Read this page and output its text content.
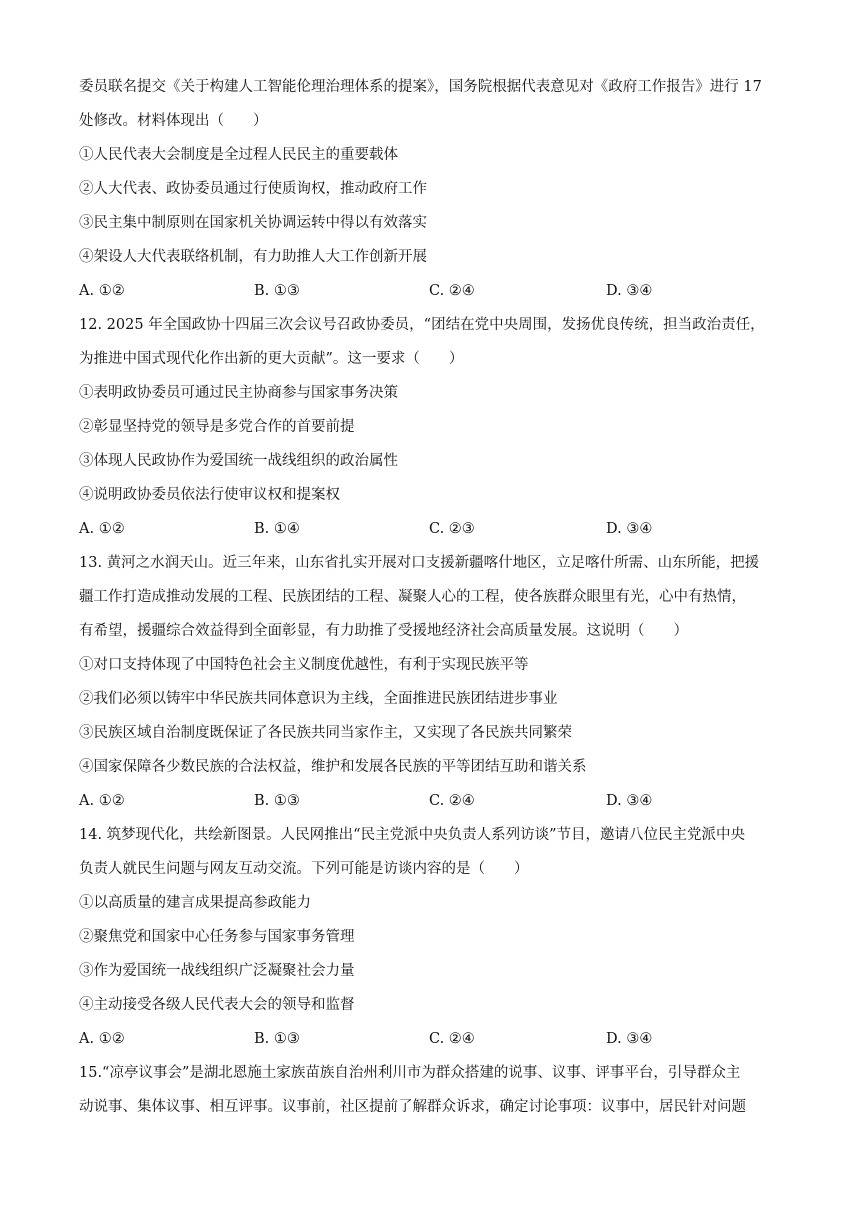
委员联名提交《关于构建人工智能伦理治理体系的提案》，国务院根据代表意见对《政府工作报告》进行 17
处修改。材料体现出（　　）
①人民代表大会制度是全过程人民民主的重要载体
②人大代表、政协委员通过行使质询权，推动政府工作
③民主集中制原则在国家机关协调运转中得以有效落实
④架设人大代表联络机制，有力助推人大工作创新开展
A. ①②	B. ①③	C. ②④	D. ③④
12. 2025 年全国政协十四届三次会议号召政协委员，“团结在党中央周围，发扬优良传统，担当政治责任，
为推进中国式现代化作出新的更大贡献”。这一要求（　　）
①表明政协委员可通过民主协商参与国家事务决策
②彰显坚持党的领导是多党合作的首要前提
③体现人民政协作为爱国统一战线组织的政治属性
④说明政协委员依法行使审议权和提案权
A. ①②	B. ①④	C. ②③	D. ③④
13. 黄河之水润天山。近三年来，山东省扎实开展对口支援新疆喀什地区，立足喀什所需、山东所能，把援
疆工作打造成推动发展的工程、民族团结的工程、凝聚人心的工程，使各族群众眼里有光，心中有热情，
有希望，援疆综合效益得到全面彰显，有力助推了受援地经济社会高质量发展。这说明（　　）
①对口支持体现了中国特色社会主义制度优越性，有利于实现民族平等
②我们必须以铸牢中华民族共同体意识为主线，全面推进民族团结进步事业
③民族区域自治制度既保证了各民族共同当家作主，又实现了各民族共同繁荣
④国家保障各少数民族的合法权益，维护和发展各民族的平等团结互助和谐关系
A. ①②	B. ①③	C. ②④	D. ③④
14. 筑梦现代化，共绘新图景。人民网推出“民主党派中央负责人系列访谈”节目，邀请八位民主党派中央
负责人就民生问题与网友互动交流。下列可能是访谈内容的是（　　）
①以高质量的建言成果提高参政能力
②聚焦党和国家中心任务参与国家事务管理
③作为爱国统一战线组织广泛凝聚社会力量
④主动接受各级人民代表大会的领导和监督
A. ①②	B. ①③	C. ②④	D. ③④
15.“凉亭议事会”是湖北恩施土家族苗族自治州利川市为群众搭建的说事、议事、评事平台，引导群众主
动说事、集体议事、相互评事。议事前，社区提前了解群众诉求，确定讨论事项：议事中，居民针对问题
